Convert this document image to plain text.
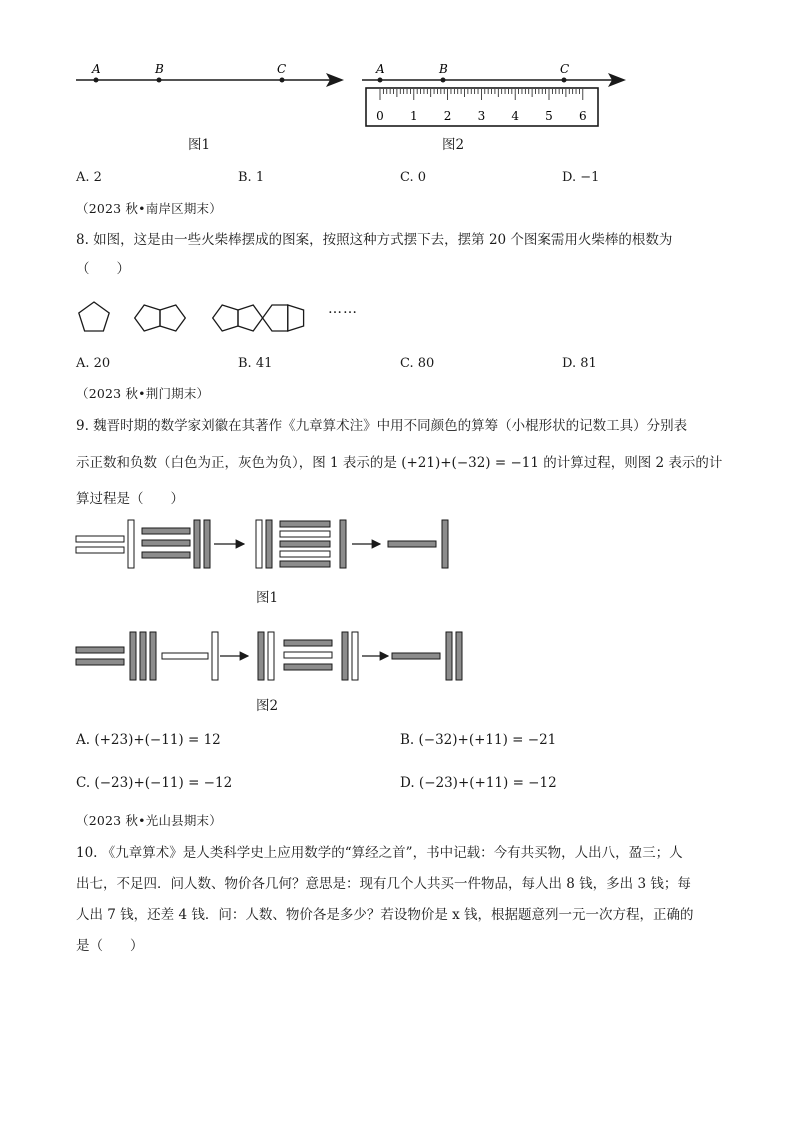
A	B	C	A	B	C
0 1 2 3 4 5 6
图1	图2
A. 2	B. 1	C. 0	D. −1
（2023 秋•南岸区期末）
8. 如图，这是由一些火柴棒摆成的图案，按照这种方式摆下去，摆第 20 个图案需用火柴棒的根数为
（　　）
……
A. 20	B. 41	C. 80	D. 81
（2023 秋•荆门期末）
9. 魏晋时期的数学家刘徽在其著作《九章算术注》中用不同颜色的算筹（小棍形状的记数工具）分别表
示正数和负数（白色为正，灰色为负），图 1 表示的是 (+21)+(−32) = −11 的计算过程，则图 2 表示的计
算过程是（　　）
图1
图2
A. (+23)+(−11) = 12	B. (−32)+(+11) = −21
C. (−23)+(−11) = −12	D. (−23)+(+11) = −12
（2023 秋•光山县期末）
10. 《九章算术》是人类科学史上应用数学的“算经之首”，书中记载：今有共买物，人出八，盈三；人
出七，不足四．问人数、物价各几何？意思是：现有几个人共买一件物品，每人出 8 钱，多出 3 钱；每
人出 7 钱，还差 4 钱．问：人数、物价各是多少？若设物价是 x 钱，根据题意列一元一次方程，正确的
是（　　）
